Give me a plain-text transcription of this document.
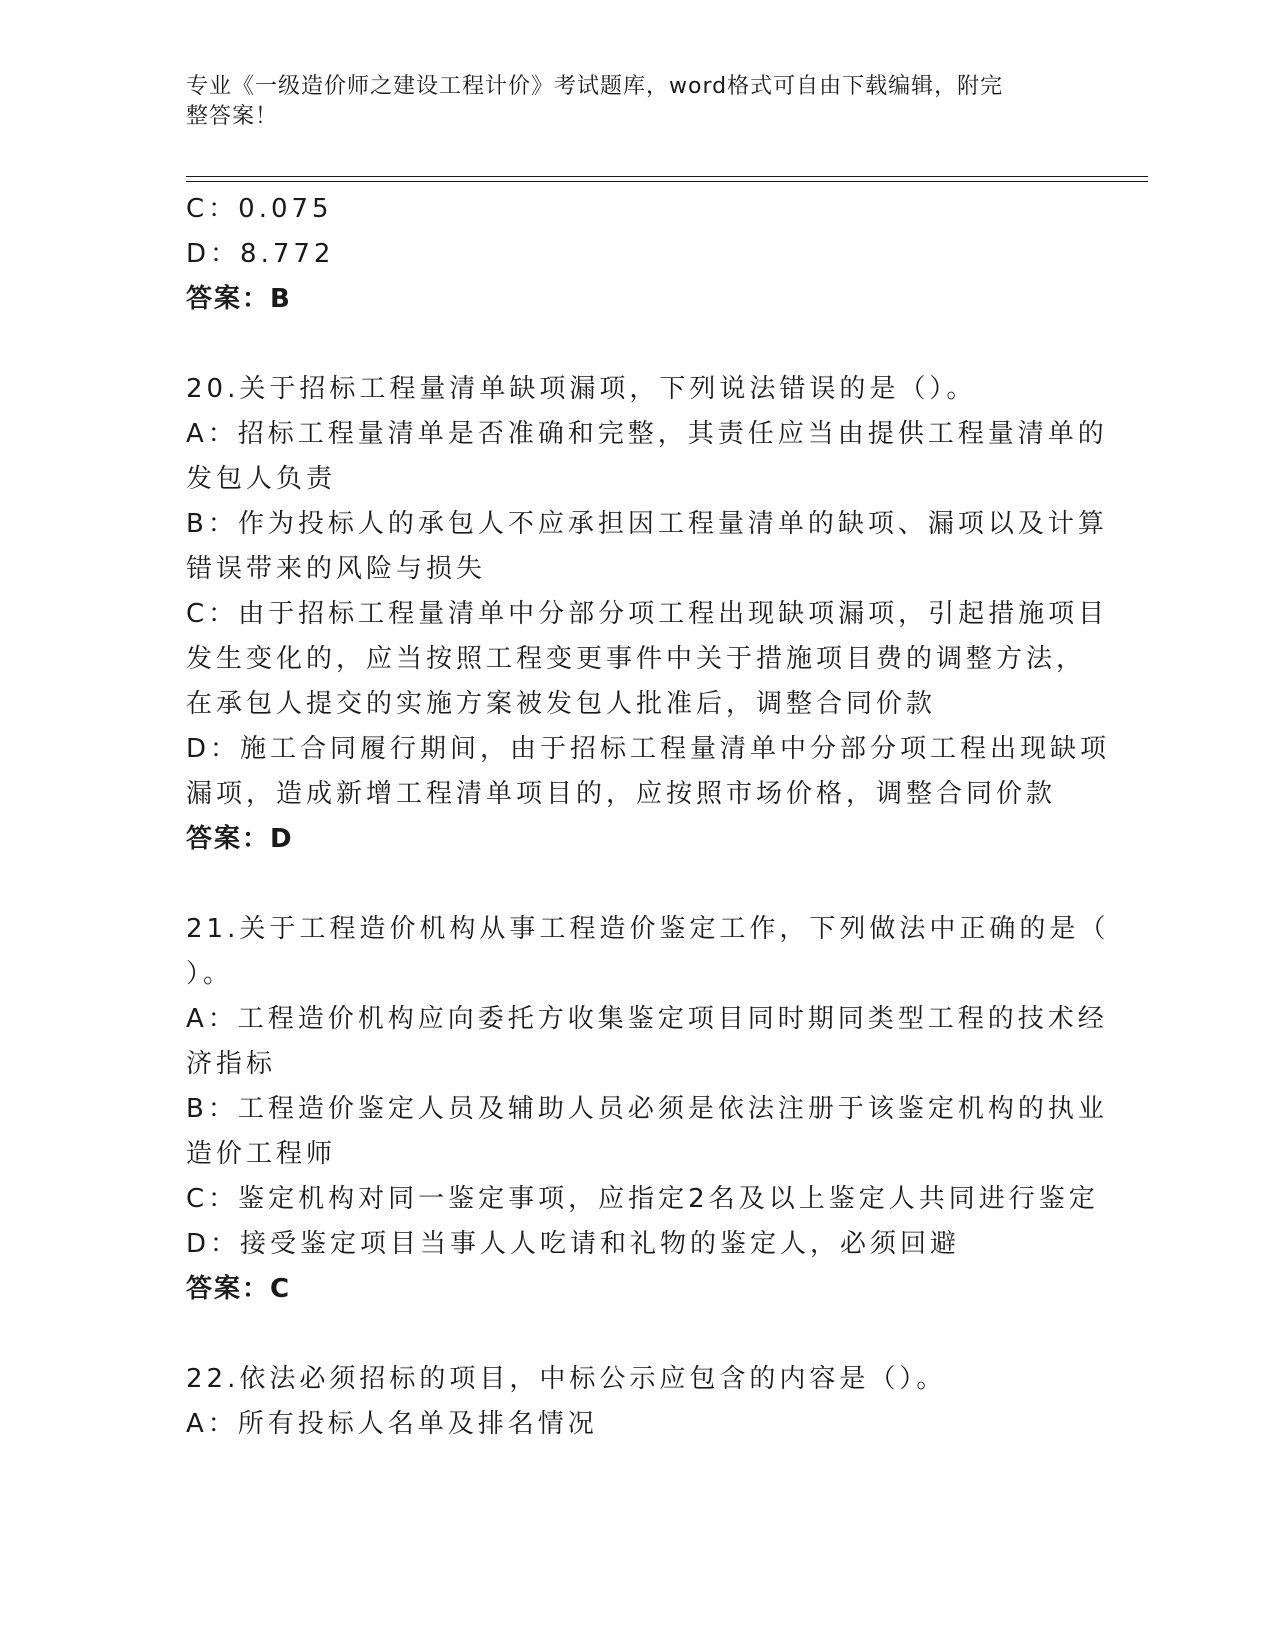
专业《一级造价师之建设工程计价》考试题库，word格式可自由下载编辑，附完
整答案！
C：0.075
D：8.772
答案：B
20.关于招标工程量清单缺项漏项，下列说法错误的是（）。
A：招标工程量清单是否准确和完整，其责任应当由提供工程量清单的
发包人负责
B：作为投标人的承包人不应承担因工程量清单的缺项、漏项以及计算
错误带来的风险与损失
C：由于招标工程量清单中分部分项工程出现缺项漏项，引起措施项目
发生变化的，应当按照工程变更事件中关于措施项目费的调整方法，
在承包人提交的实施方案被发包人批准后，调整合同价款
D：施工合同履行期间，由于招标工程量清单中分部分项工程出现缺项
漏项，造成新增工程清单项目的，应按照市场价格，调整合同价款
答案：D
21.关于工程造价机构从事工程造价鉴定工作，下列做法中正确的是（
）。
A：工程造价机构应向委托方收集鉴定项目同时期同类型工程的技术经
济指标
B：工程造价鉴定人员及辅助人员必须是依法注册于该鉴定机构的执业
造价工程师
C：鉴定机构对同一鉴定事项，应指定2名及以上鉴定人共同进行鉴定
D：接受鉴定项目当事人人吃请和礼物的鉴定人，必须回避
答案：C
22.依法必须招标的项目，中标公示应包含的内容是（）。
A：所有投标人名单及排名情况
